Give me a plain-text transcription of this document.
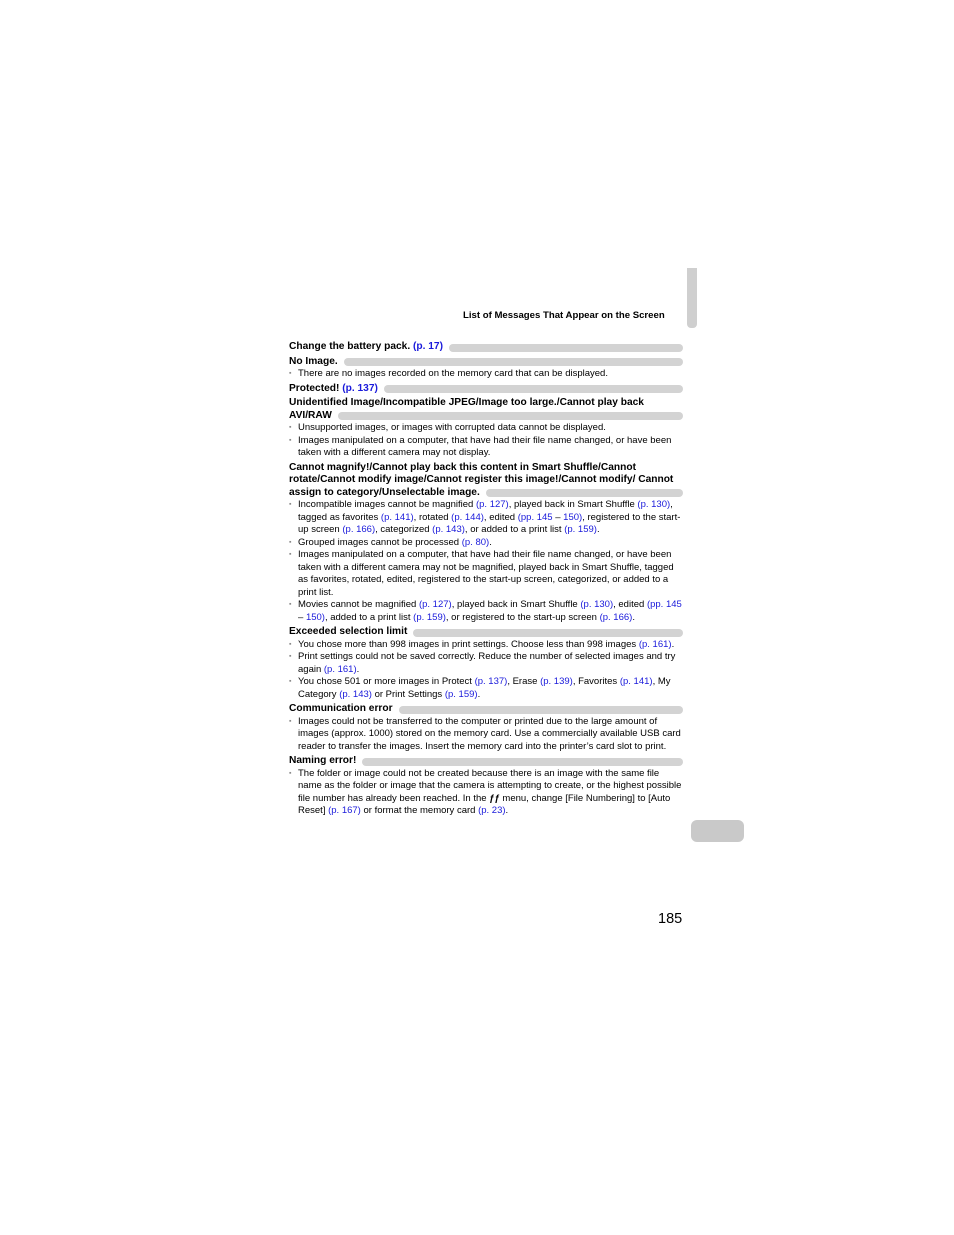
List of Messages That Appear on the Screen
Change the battery pack. (p. 17)
No Image.
▪ There are no images recorded on the memory card that can be displayed.
Protected! (p. 137)
Unidentified Image/Incompatible JPEG/Image too large./Cannot play back AVI/RAW
▪ Unsupported images, or images with corrupted data cannot be displayed.
▪ Images manipulated on a computer, that have had their file name changed, or have been taken with a different camera may not display.
Cannot magnify!/Cannot play back this content in Smart Shuffle/Cannot rotate/Cannot modify image/Cannot register this image!/Cannot modify/ Cannot assign to category/Unselectable image.
▪ Incompatible images cannot be magnified (p. 127), played back in Smart Shuffle (p. 130), tagged as favorites (p. 141), rotated (p. 144), edited (pp. 145 – 150), registered to the start-up screen (p. 166), categorized (p. 143), or added to a print list (p. 159).
▪ Grouped images cannot be processed (p. 80).
▪ Images manipulated on a computer, that have had their file name changed, or have been taken with a different camera may not be magnified, played back in Smart Shuffle, tagged as favorites, rotated, edited, registered to the start-up screen, categorized, or added to a print list.
▪ Movies cannot be magnified (p. 127), played back in Smart Shuffle (p. 130), edited (pp. 145 – 150), added to a print list (p. 159), or registered to the start-up screen (p. 166).
Exceeded selection limit
▪ You chose more than 998 images in print settings. Choose less than 998 images (p. 161).
▪ Print settings could not be saved correctly. Reduce the number of selected images and try again (p. 161).
▪ You chose 501 or more images in Protect (p. 137), Erase (p. 139), Favorites (p. 141), My Category (p. 143) or Print Settings (p. 159).
Communication error
▪ Images could not be transferred to the computer or printed due to the large amount of images (approx. 1000) stored on the memory card. Use a commercially available USB card reader to transfer the images. Insert the memory card into the printer’s card slot to print.
Naming error!
▪ The folder or image could not be created because there is an image with the same file name as the folder or image that the camera is attempting to create, or the highest possible file number has already been reached. In the ƒƒ menu, change [File Numbering] to [Auto Reset] (p. 167) or format the memory card (p. 23).
185
